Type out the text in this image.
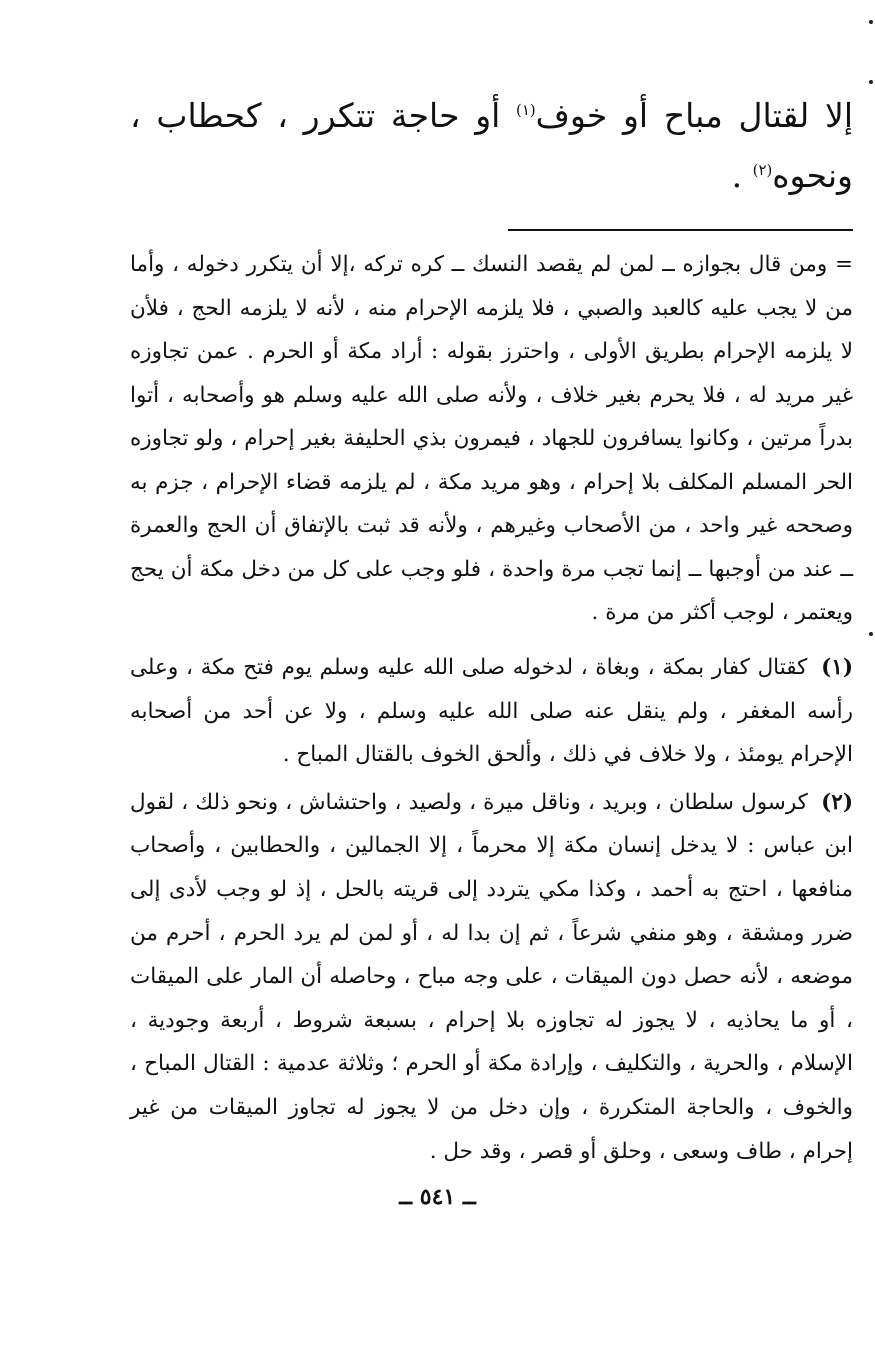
إلا لقتال مباح أو خوف$^{(١)}$ أو حاجة تتكرر ، كحطاب ، ونحوه$^{(٢)}$ .
= ومن قال بجوازه ــ لمن لم يقصد النسك ــ كره تركه ،إلا أن يتكرر دخوله ، وأما من لا يجب عليه كالعبد والصبي ، فلا يلزمه الإحرام منه ، لأنه لا يلزمه الحج ، فلأن لا يلزمه الإحرام بطريق الأولى ، واحترز بقوله : أراد مكة أو الحرم . عمن تجاوزه غير مريد له ، فلا يحرم بغير خلاف ، ولأنه صلى الله عليه وسلم هو وأصحابه ، أتوا بدراً مرتين ، وكانوا يسافرون للجهاد ، فيمرون بذي الحليفة بغير إحرام ، ولو تجاوزه الحر المسلم المكلف بلا إحرام ، وهو مريد مكة ، لم يلزمه قضاء الإحرام ، جزم به وصححه غير واحد ، من الأصحاب وغيرهم ، ولأنه قد ثبت بالإتفاق أن الحج والعمرة ــ عند من أوجبها ــ إنما تجب مرة واحدة ، فلو وجب على كل من دخل مكة أن يحج ويعتمر ، لوجب أكثر من مرة .

(١) كقتال كفار بمكة ، وبغاة ، لدخوله صلى الله عليه وسلم يوم فتح مكة ، وعلى رأسه المغفر ، ولم ينقل عنه صلى الله عليه وسلم ، ولا عن أحد من أصحابه الإحرام يومئذ ، ولا خلاف في ذلك ، وألحق الخوف بالقتال المباح .

(٢) كرسول سلطان ، وبريد ، وناقل ميرة ، ولصيد ، واحتشاش ، ونحو ذلك ، لقول ابن عباس : لا يدخل إنسان مكة إلا محرماً ، إلا الجمالين ، والحطابين ، وأصحاب منافعها ، احتج به أحمد ، وكذا مكي يتردد إلى قريته بالحل ، إذ لو وجب لأدى إلى ضرر ومشقة ، وهو منفي شرعاً ، ثم إن بدا له ، أو لمن لم يرد الحرم ، أحرم من موضعه ، لأنه حصل دون الميقات ، على وجه مباح ، وحاصله أن المار على الميقات ، أو ما يحاذيه ، لا يجوز له تجاوزه بلا إحرام ، بسبعة شروط ، أربعة وجودية ، الإسلام ، والحرية ، والتكليف ، وإرادة مكة أو الحرم ؛ وثلاثة عدمية : القتال المباح ، والخوف ، والحاجة المتكررة ، وإن دخل من لا يجوز له تجاوز الميقات من غير إحرام ، طاف وسعى ، وحلق أو قصر ، وقد حل .

ــ ٥٤١ ــ
